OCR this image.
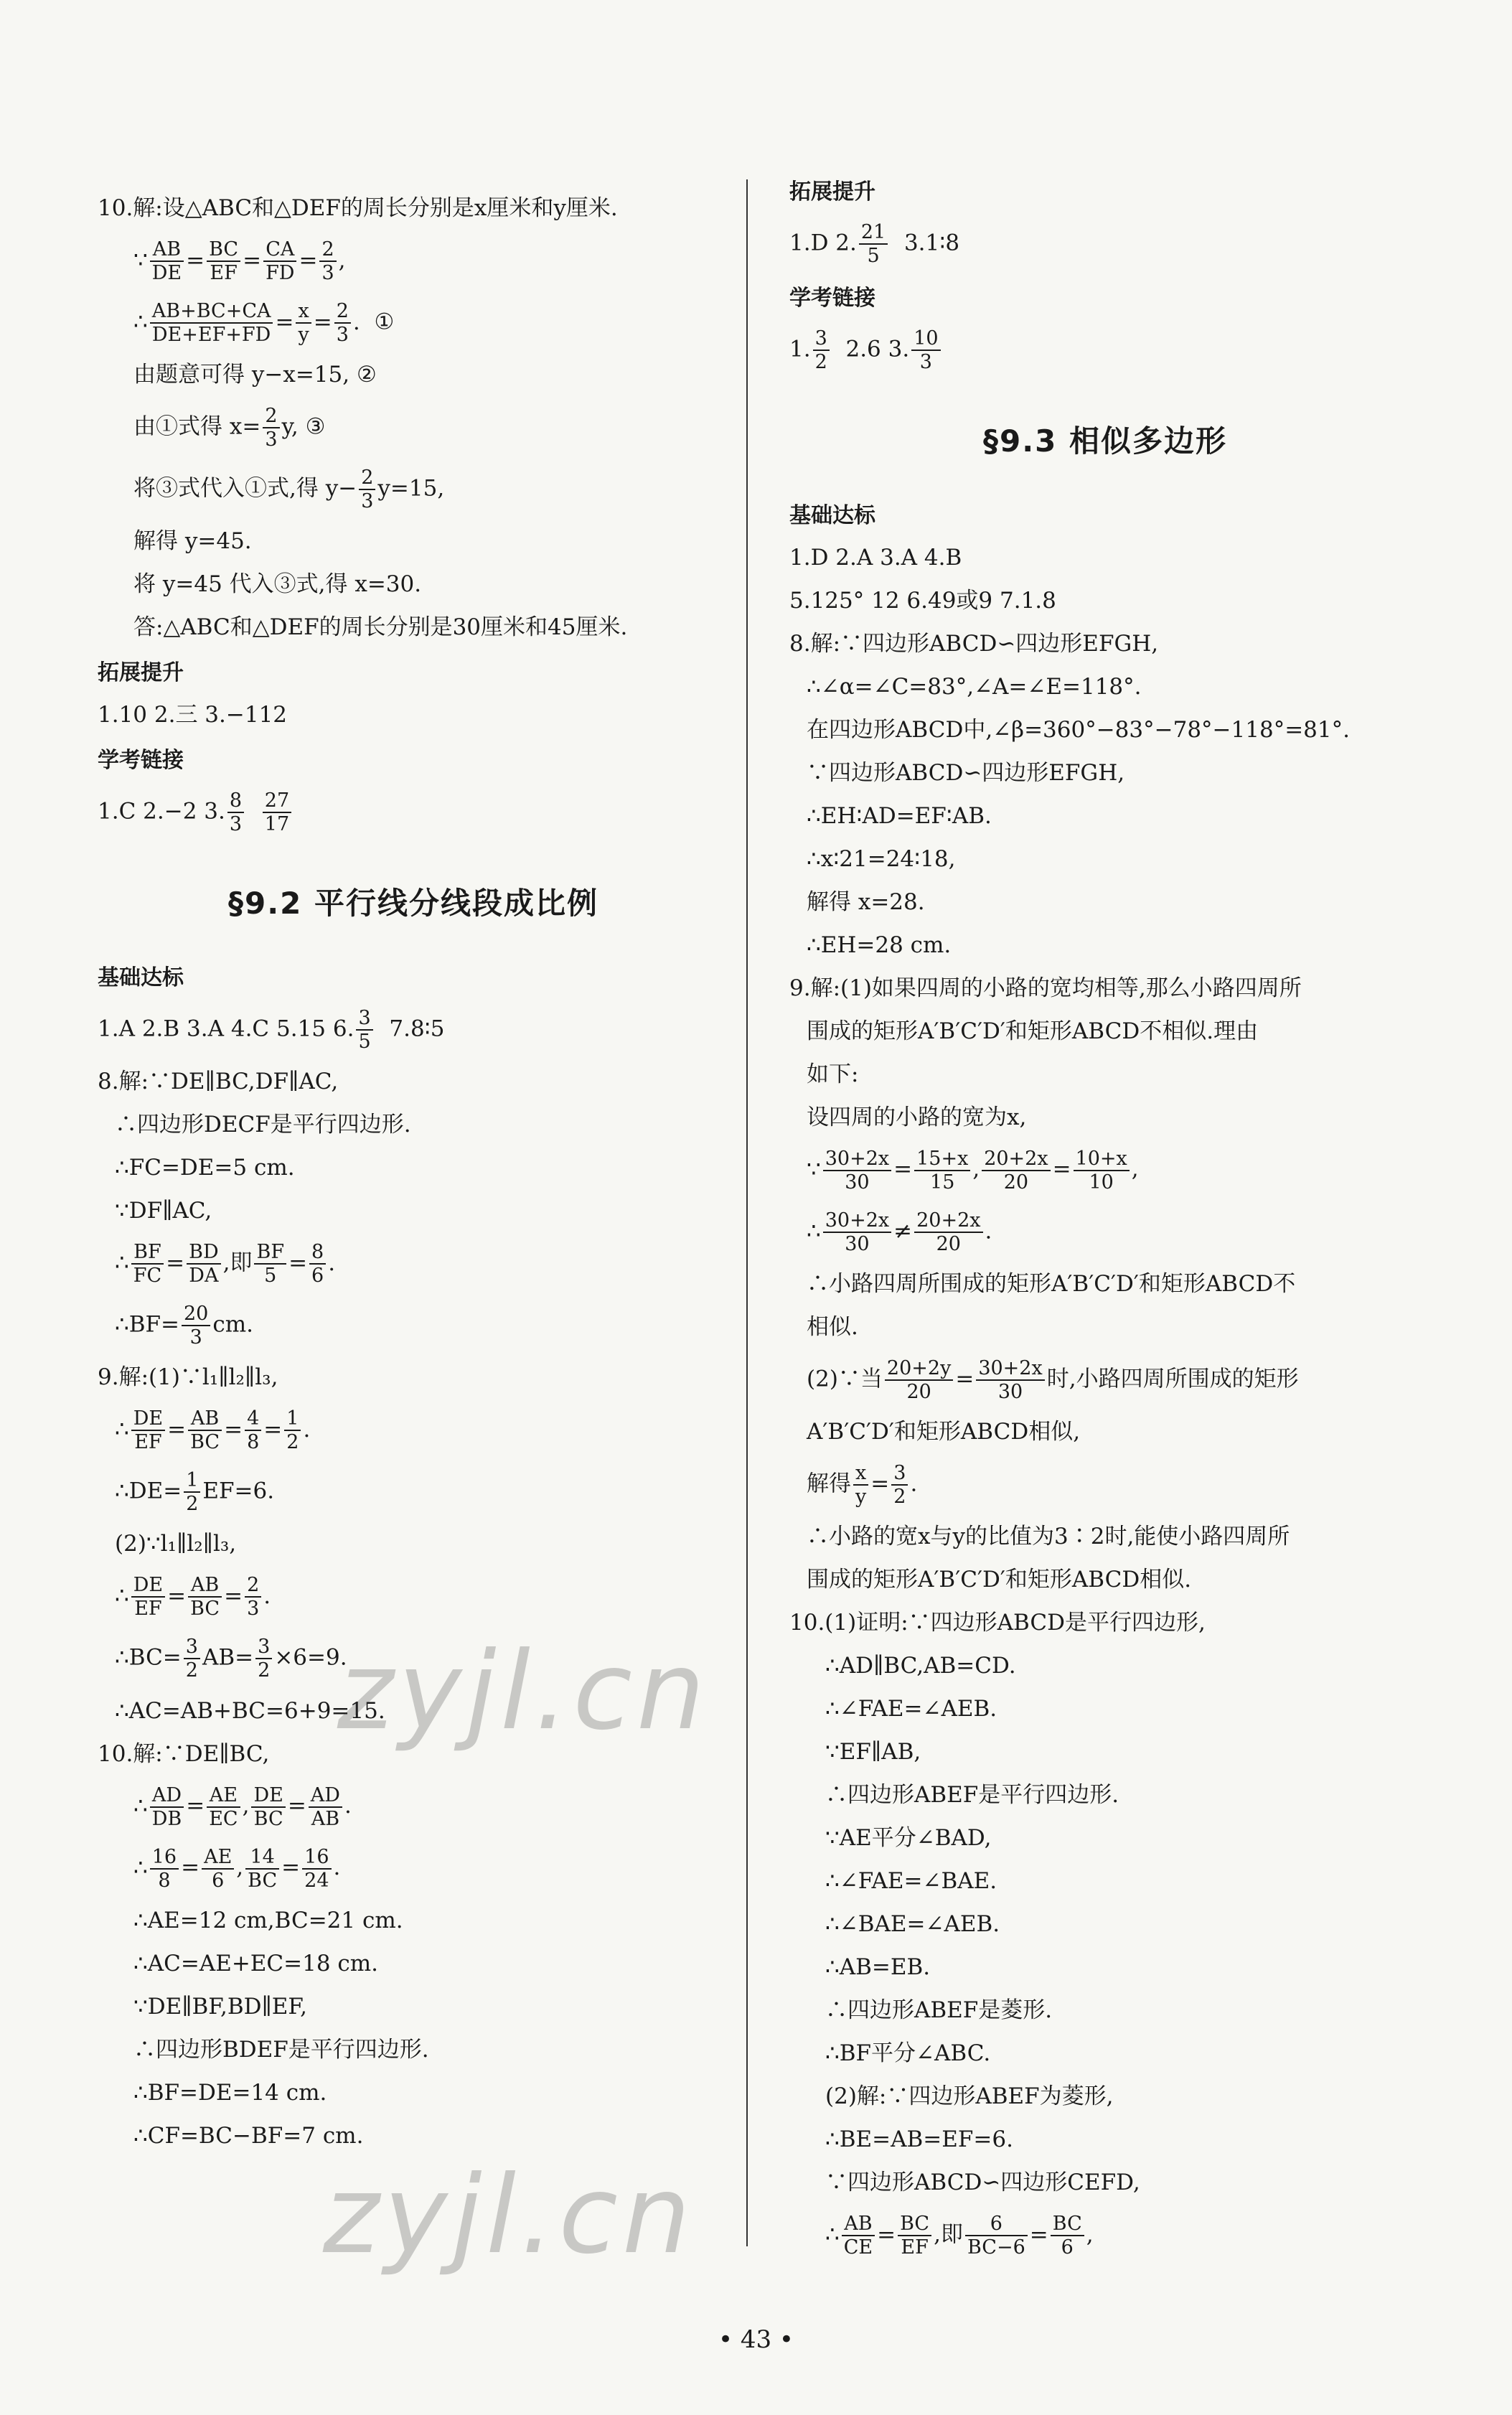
10.解:设△ABC和△DEF的周长分别是x厘米和y厘米.
∵ $\frac{AB}{DE} = \frac{BC}{EF} = \frac{CA}{FD} = \frac{2}{3}$ ,
∴ $\frac{AB+BC+CA}{DE+EF+FD} = \frac{x}{y} = \frac{2}{3}$ . ①
由题意可得 y−x=15, ②
由①式得 $x= \frac{2}{3} y$, ③
将③式代入①式,得 $y- \frac{2}{3} y=15$,
解得 y=45.
将 y=45 代入③式,得 x=30.
答:△ABC和△DEF的周长分别是30厘米和45厘米.
拓展提升
1.10 2.三 3.−112
学考链接
1.C 2.−2 3. $\frac{8}{3}$
$\frac{27}{17}$
§9.2 平行线分线段成比例
基础达标
1.A 2.B 3.A 4.C 5.15 6. $\frac{3}{5}$ 7.8∶5
8.解:∵DE∥BC,DF∥AC,
∴四边形DECF是平行四边形.
∴FC=DE=5 cm.
∵DF∥AC,
∴ $\frac{BF}{FC} = \frac{BD}{DA}$ ,即 $\frac{BF}{5} = \frac{8}{6}$ .
∴BF= $\frac{20}{3}$ cm.
9.解:(1)∵l₁∥l₂∥l₃,
∴ $\frac{DE}{EF} = \frac{AB}{BC} = \frac{4}{8} = \frac{1}{2}$ .
∴DE= $\frac{1}{2} EF=6$.
(2)∵l₁∥l₂∥l₃,
∴ $\frac{DE}{EF} = \frac{AB}{BC} = \frac{2}{3}$ .
∴BC= $\frac{3}{2} AB= \frac{3}{2} \times 6=9$.
∴AC=AB+BC=6+9=15.
10.解:∵DE∥BC,
∴ $\frac{AD}{DB} = \frac{AE}{EC}$ , $\frac{DE}{BC} = \frac{AD}{AB}$ .
∴ $\frac{16}{8} = \frac{AE}{6}$ , $\frac{14}{BC} = \frac{16}{24}$ .
∴AE=12 cm,BC=21 cm.
∴AC=AE+EC=18 cm.
∵DE∥BF,BD∥EF,
∴四边形BDEF是平行四边形.
∴BF=DE=14 cm.
∴CF=BC−BF=7 cm.
拓展提升
1.D 2. $\frac{21}{5}$ 3.1∶8
学考链接
1. $\frac{3}{2} 2.6$ 3. $\frac{10}{3}$
§9.3 相似多边形
基础达标
1.D 2.A 3.A 4.B
5.125° 12 6.49或9 7.1.8
8.解:∵四边形ABCD∽四边形EFGH,
∴∠α=∠C=83°,∠A=∠E=118°.
在四边形ABCD中,∠β=360°−83°−78°−118°=81°.
∵四边形ABCD∽四边形EFGH,
∴EH∶AD=EF∶AB.
∴x∶21=24∶18,
解得 x=28.
∴EH=28 cm.
9.解:(1)如果四周的小路的宽均相等,那么小路四周所
围成的矩形A′B′C′D′和矩形ABCD不相似.理由
如下:
设四周的小路的宽为x,
∵ $\frac{30+2x}{30} = \frac{15+x}{15}$ , $\frac{20+2x}{20} = \frac{10+x}{10}$ ,
∴ $\frac{30+2x}{30} \ne \frac{20+2x}{20}$ .
∴小路四周所围成的矩形A′B′C′D′和矩形ABCD不
相似.
(2)∵当 $\frac{20+2y}{20} = \frac{30+2x}{30}$ 时,小路四周所围成的矩形
A′B′C′D′和矩形ABCD相似,
解得 $\frac{x}{y} = \frac{3}{2}$ .
∴小路的宽x与y的比值为3∶2时,能使小路四周所
围成的矩形A′B′C′D′和矩形ABCD相似.
10.(1)证明:∵四边形ABCD是平行四边形,
∴AD∥BC,AB=CD.
∴∠FAE=∠AEB.
∵EF∥AB,
∴四边形ABEF是平行四边形.
∵AE平分∠BAD,
∴∠FAE=∠BAE.
∴∠BAE=∠AEB.
∴AB=EB.
∴四边形ABEF是菱形.
∴BF平分∠ABC.
(2)解:∵四边形ABEF为菱形,
∴BE=AB=EF=6.
∵四边形ABCD∽四边形CEFD,
∴ $\frac{AB}{CE} = \frac{BC}{EF}$ ,即 $\frac{6}{BC-6} = \frac{BC}{6}$ ,
zyjl.cn
zyjl.cn
• 43 •
